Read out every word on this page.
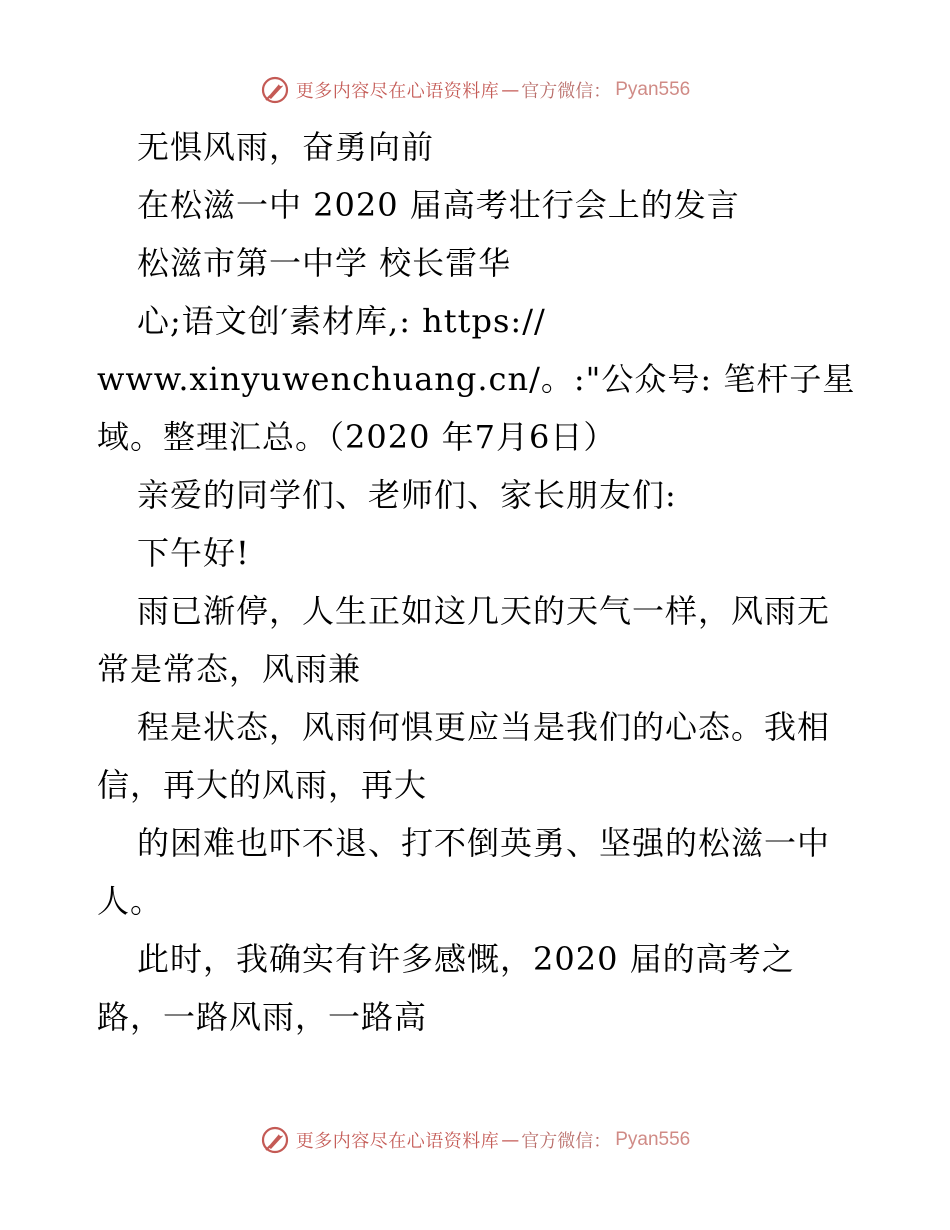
更多内容尽在心语资料库 — 官方微信： Pyan556
无惧风雨，奋勇向前
在松滋一中 2020 届高考壮行会上的发言
松滋市第一中学 校长雷华
心;语文创′素材库,: https://
www.xinyuwenchuang.cn/。:"公众号: 笔杆子星
域。整理汇总。（2020 年7月6日）
亲爱的同学们、老师们、家长朋友们:
下午好!
雨已渐停，人生正如这几天的天气一样，风雨无
常是常态，风雨兼
程是状态，风雨何惧更应当是我们的心态。我相
信，再大的风雨，再大
的困难也吓不退、打不倒英勇、坚强的松滋一中
人。
此时，我确实有许多感慨，2020 届的高考之
路，一路风雨，一路高
更多内容尽在心语资料库 — 官方微信： Pyan556
